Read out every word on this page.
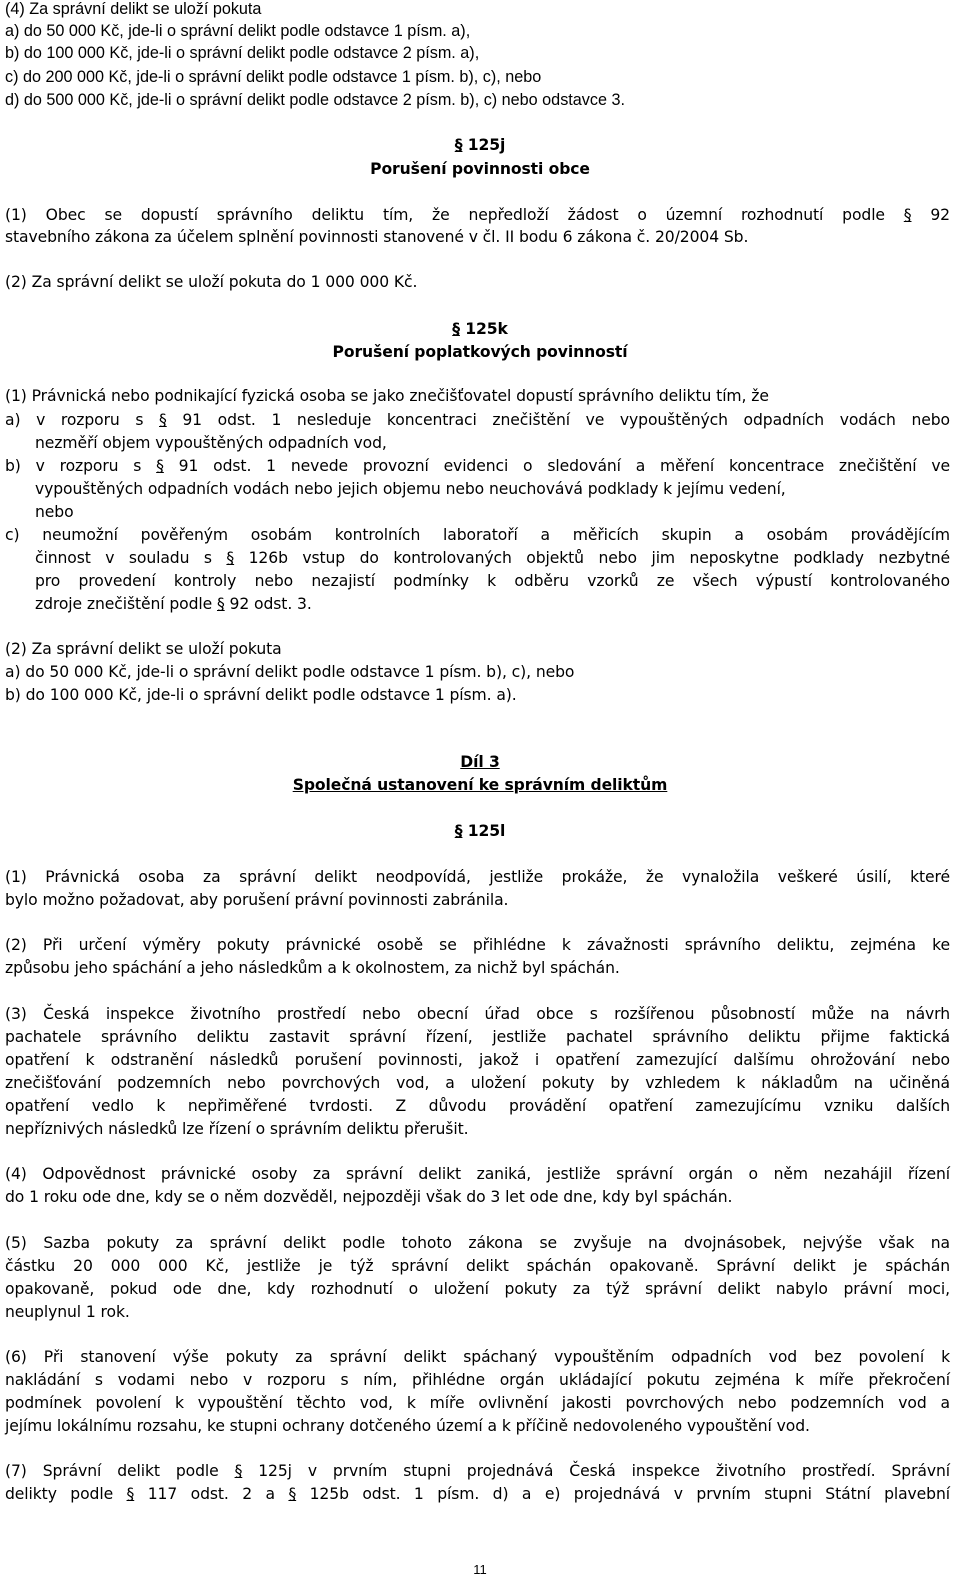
(4) Za správní delikt se uloží pokuta
a) do 50 000 Kč, jde-li o správní delikt podle odstavce 1 písm. a),
b) do 100 000 Kč, jde-li o správní delikt podle odstavce 2 písm. a),
c) do 200 000 Kč, jde-li o správní delikt podle odstavce 1 písm. b), c), nebo
d) do 500 000 Kč, jde-li o správní delikt podle odstavce 2 písm. b), c) nebo odstavce 3.
§ 125j
Porušení povinnosti obce
(1) Obec se dopustí správního deliktu tím, že nepředloží žádost o územní rozhodnutí podle § 92
stavebního zákona za účelem splnění povinnosti stanovené v čl. II bodu 6 zákona č. 20/2004 Sb.
(2) Za správní delikt se uloží pokuta do 1 000 000 Kč.
§ 125k
Porušení poplatkových povinností
(1) Právnická nebo podnikající fyzická osoba se jako znečišťovatel dopustí správního deliktu tím, že
a) v rozporu s § 91 odst. 1 nesleduje koncentraci znečištění ve vypouštěných odpadních vodách nebo
nezměří objem vypouštěných odpadních vod,
b) v rozporu s § 91 odst. 1 nevede provozní evidenci o sledování a měření koncentrace znečištění ve
vypouštěných odpadních vodách nebo jejich objemu nebo neuchovává podklady k jejímu vedení,
nebo
c) neumožní pověřeným osobám kontrolních laboratoří a měřicích skupin a osobám provádějícím
činnost v souladu s § 126b vstup do kontrolovaných objektů nebo jim neposkytne podklady nezbytné
pro provedení kontroly nebo nezajistí podmínky k odběru vzorků ze všech výpustí kontrolovaného
zdroje znečištění podle § 92 odst. 3.
(2) Za správní delikt se uloží pokuta
a) do 50 000 Kč, jde-li o správní delikt podle odstavce 1 písm. b), c), nebo
b) do 100 000 Kč, jde-li o správní delikt podle odstavce 1 písm. a).
Díl 3
Společná ustanovení ke správním deliktům
§ 125l
(1) Právnická osoba za správní delikt neodpovídá, jestliže prokáže, že vynaložila veškeré úsilí, které
bylo možno požadovat, aby porušení právní povinnosti zabránila.
(2) Při určení výměry pokuty právnické osobě se přihlédne k závažnosti správního deliktu, zejména ke
způsobu jeho spáchání a jeho následkům a k okolnostem, za nichž byl spáchán.
(3) Česká inspekce životního prostředí nebo obecní úřad obce s rozšířenou působností může na návrh
pachatele správního deliktu zastavit správní řízení, jestliže pachatel správního deliktu přijme faktická
opatření k odstranění následků porušení povinnosti, jakož i opatření zamezující dalšímu ohrožování nebo
znečišťování podzemních nebo povrchových vod, a uložení pokuty by vzhledem k nákladům na učiněná
opatření vedlo k nepřiměřené tvrdosti. Z důvodu provádění opatření zamezujícímu vzniku dalších
nepříznivých následků lze řízení o správním deliktu přerušit.
(4) Odpovědnost právnické osoby za správní delikt zaniká, jestliže správní orgán o něm nezahájil řízení
do 1 roku ode dne, kdy se o něm dozvěděl, nejpozději však do 3 let ode dne, kdy byl spáchán.
(5) Sazba pokuty za správní delikt podle tohoto zákona se zvyšuje na dvojnásobek, nejvýše však na
částku 20 000 000 Kč, jestliže je týž správní delikt spáchán opakovaně. Správní delikt je spáchán
opakovaně, pokud ode dne, kdy rozhodnutí o uložení pokuty za týž správní delikt nabylo právní moci,
neuplynul 1 rok.
(6) Při stanovení výše pokuty za správní delikt spáchaný vypouštěním odpadních vod bez povolení k
nakládání s vodami nebo v rozporu s ním, přihlédne orgán ukládající pokutu zejména k míře překročení
podmínek povolení k vypouštění těchto vod, k míře ovlivnění jakosti povrchových nebo podzemních vod a
jejímu lokálnímu rozsahu, ke stupni ochrany dotčeného území a k příčině nedovoleného vypouštění vod.
(7) Správní delikt podle § 125j v prvním stupni projednává Česká inspekce životního prostředí. Správní
delikty podle § 117 odst. 2 a § 125b odst. 1 písm. d) a e) projednává v prvním stupni Státní plavební
11
